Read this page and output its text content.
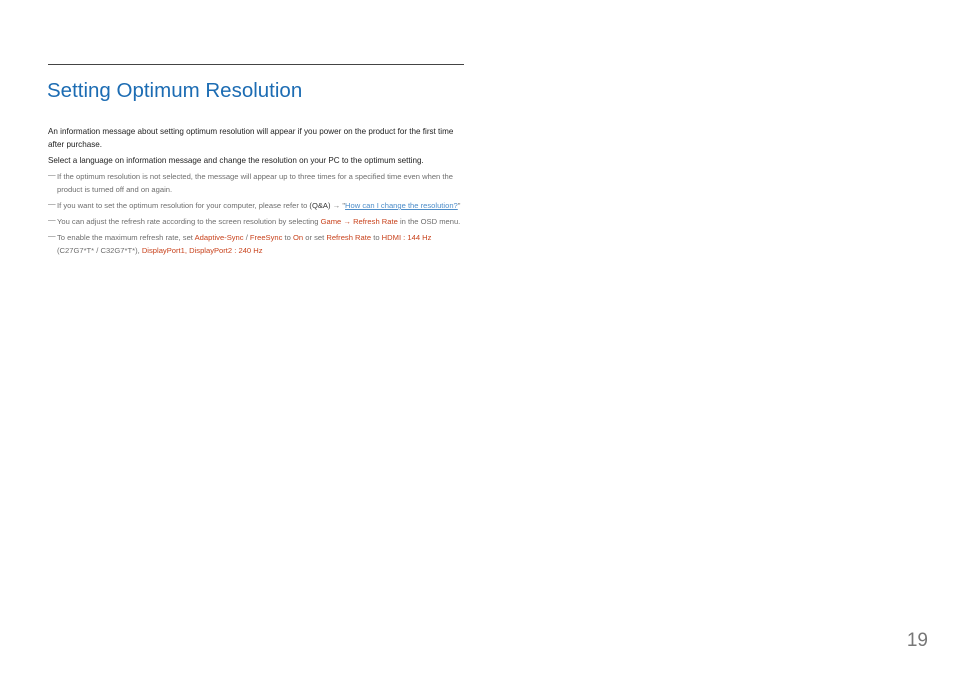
Setting Optimum Resolution

An information message about setting optimum resolution will appear if you power on the product for the first time after purchase.

Select a language on information message and change the resolution on your PC to the optimum setting.

― If the optimum resolution is not selected, the message will appear up to three times for a specified time even when the product is turned off and on again.
― If you want to set the optimum resolution for your computer, please refer to (Q&A) → "How can I change the resolution?"
― You can adjust the refresh rate according to the screen resolution by selecting Game → Refresh Rate in the OSD menu.
― To enable the maximum refresh rate, set Adaptive-Sync / FreeSync to On or set Refresh Rate to HDMI : 144 Hz (C27G7*T* / C32G7*T*), DisplayPort1, DisplayPort2 : 240 Hz
19
